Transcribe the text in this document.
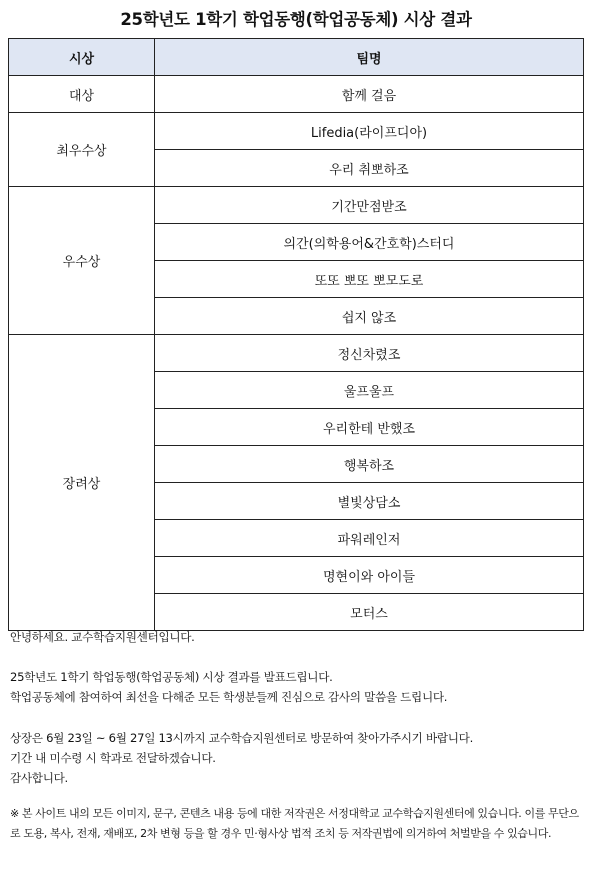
25학년도 1학기 학업동행(학업공동체) 시상 결과
시상	팀명
대상	함께 걸음
최우수상	Lifedia(라이프디아)
	우리 취뽀하조
우수상	기간만점받조
	의간(의학용어&간호학)스터디
	또또 뽀또 뽀모도로
	쉽지 않조
장려상	정신차렸조
	울프울프
	우리한테 반했조
	행복하조
	별빛상담소
	파워레인저
	명현이와 아이들
	모터스
안녕하세요. 교수학습지원센터입니다.
25학년도 1학기 학업동행(학업공동체) 시상 결과를 발표드립니다.
학업공동체에 참여하여 최선을 다해준 모든 학생분들께 진심으로 감사의 말씀을 드립니다.
상장은 6월 23일 ~ 6월 27일 13시까지 교수학습지원센터로 방문하여 찾아가주시기 바랍니다.
기간 내 미수령 시 학과로 전달하겠습니다.
감사합니다.
※ 본 사이트 내의 모든 이미지, 문구, 콘텐츠 내용 등에 대한 저작권은 서정대학교 교수학습지원센터에 있습니다. 이를 무단으로 도용, 복사, 전재, 재배포, 2차 변형 등을 할 경우 민·형사상 법적 조치 등 저작권법에 의거하여 처벌받을 수 있습니다.
